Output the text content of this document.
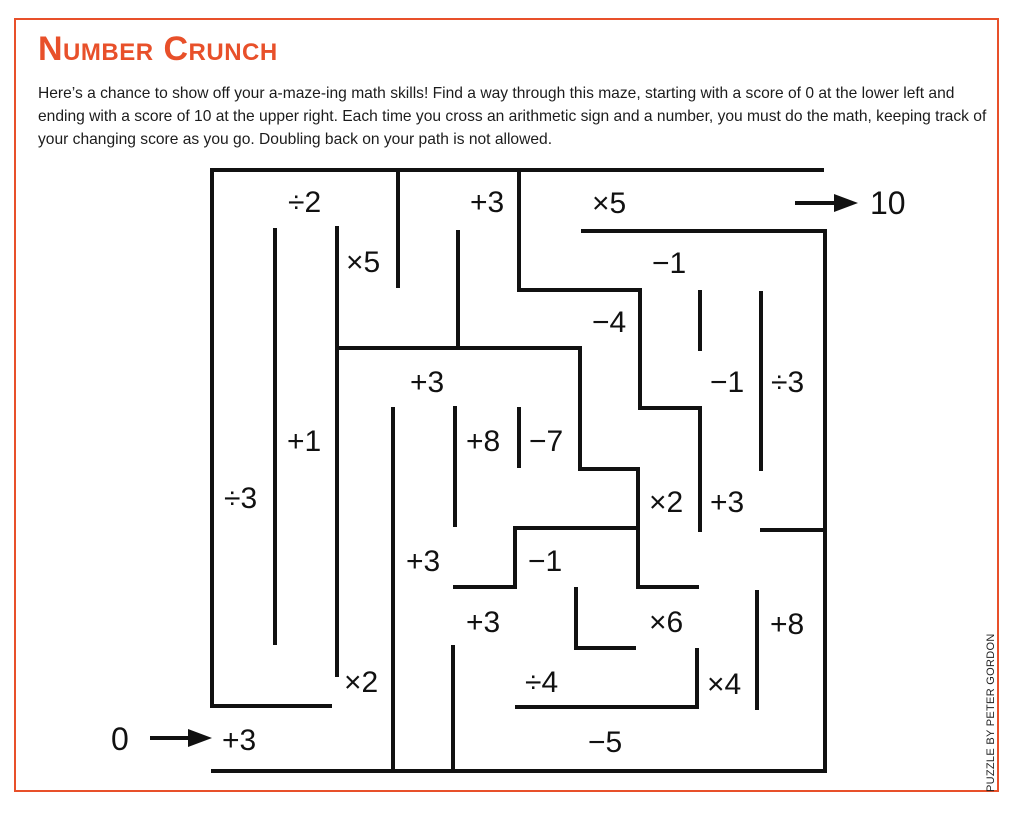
Number Crunch

Here’s a chance to show off your a-maze-ing math skills! Find a way through this maze, starting with a score of 0 at the lower left and ending with a score of 10 at the upper right. Each time you cross an arithmetic sign and a number, you must do the math, keeping track of your changing score as you go. Doubling back on your path is not allowed.

0
10
÷2	+3	×5
×5	−1
−4
+3
+1
−1 ÷3
÷3
+8 −7
×2 +3
+3	−1
+3	×6	+8
×2	÷4	×4
+3	−5	PUZZLE BY PETER GORDON
